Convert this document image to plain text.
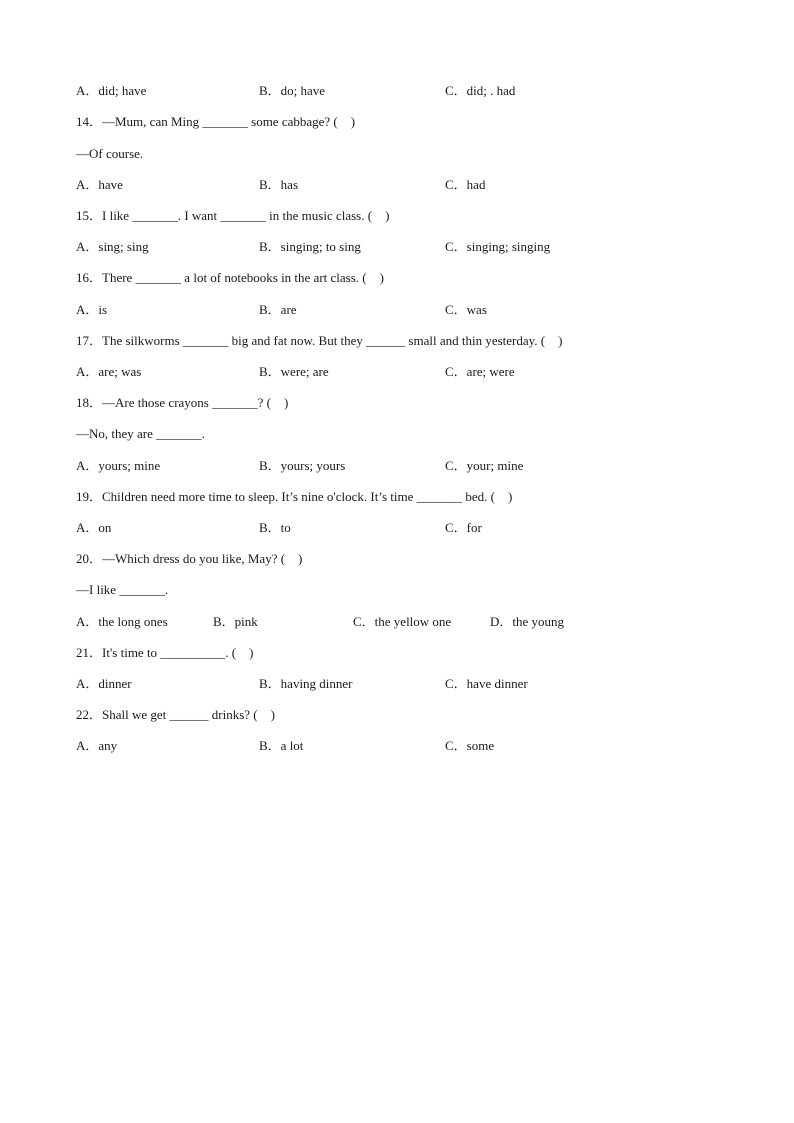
A．did; have	B．do; have	C．did; . had
14．—Mum, can Ming _______ some cabbage? (    )
—Of course.
A．have	B．has	C．had
15．I like _______. I want _______ in the music class. (    )
A．sing; sing	B．singing; to sing	C．singing; singing
16．There _______ a lot of notebooks in the art class. (    )
A．is	B．are	C．was
17．The silkworms _______ big and fat now. But they ______ small and thin yesterday. (    )
A．are; was	B．were; are	C．are; were
18．—Are those crayons _______? (    )
—No, they are _______.
A．yours; mine	B．yours; yours	C．your; mine
19．Children need more time to sleep. It’s nine o'clock. It’s time _______ bed. (    )
A．on	B．to	C．for
20．—Which dress do you like, May? (    )
—I like _______.
A．the long ones	B．pink	C．the yellow one	D．the young
21．It's time to __________. (    )
A．dinner	B．having dinner	C．have dinner
22．Shall we get ______ drinks? (    )
A．any	B．a lot	C．some
